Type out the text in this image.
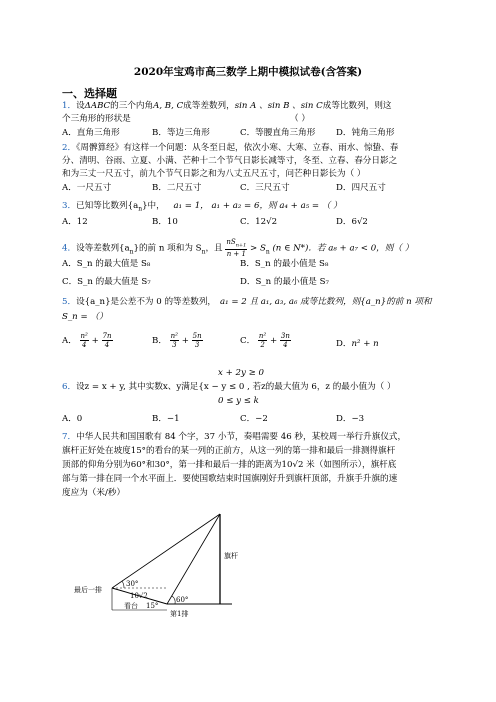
2020年宝鸡市高三数学上期中模拟试卷(含答案)
一、选择题
1．设ΔABC的三个内角A, B, C成等差数列，sin A 、sin B 、sin C成等比数列，则这
个三角形的形状是	（ ）
A．直角三角形	B．等边三角形	C．等腰直角三角形 D．钝角三角形
2．《周髀算经》有这样一个问题：从冬至日起，依次小寒、大寒、立春、雨水、惊蛰、春
分、清明、谷雨、立夏、小满、芒种十二个节气日影长减等寸，冬至、立春、春分日影之
和为三丈一尺五寸，前九个节气日影之和为八丈五尺五寸，问芒种日影长为（ ）
A．一尺五寸	B．二尺五寸	C．三尺五寸	D．四尺五寸
3．已知等比数列$\{a_n\}$中， a₁ = 1， a₁ + a₂ = 6，则 a₄ + a₅ = （ ）
A．12	B．10	C．12√2	D．6√2
4．设等差数列$\{a_n\}$的前 n 项和为 $S_n$，且 $\frac{nS_{n+1}}{n + 1} > S_n$ (n ∈ N*)．若 a₈ + a₇ < 0，则（ ）
A．S_n 的最大值是 S₈	B．S_n 的最小值是 S₈
C．S_n 的最大值是 S₇	D．S_n 的最小值是 S₇
5．设{a_n}是公差不为 0 的等差数列， a₁ = 2 且 a₁, a₃, a₆ 成等比数列，则{a_n}的前 n 项和
S_n = （）
A． $\frac{\text{n²}}{4} + \frac{7n}{4}$	B． $\frac{\text{n²}}{3} + \frac{5n}{3}$	C． $\frac{\text{n²}}{2} + \frac{3n}{4}$	D．n² + n
x + 2y ≥ 0
6．设z = x + y, 其中实数x、y满足{x − y ≤ 0 , 若z的最大值为 6，z 的最小值为（ ）
0 ≤ y ≤ k
A．0	B．−1	C．−2	D．−3
7．中华人民共和国国歌有 84 个字，37 小节，奏唱需要 46 秒，某校周一举行升旗仪式，
旗杆正好处在坡度15°的看台的某一列的正前方，从这一列的第一排和最后一排测得旗杆
顶部的仰角分别为60°和30°，第一排和最后一排的距离为10√2 米（如图所示），旗杆底
部与第一排在同一个水平面上．要使国歌结束时国旗刚好升到旗杆顶部，升旗手升旗的速
度应为（米/秒）
最后一排
30°
10√2
看台 15°
60°
第1排
旗杆
